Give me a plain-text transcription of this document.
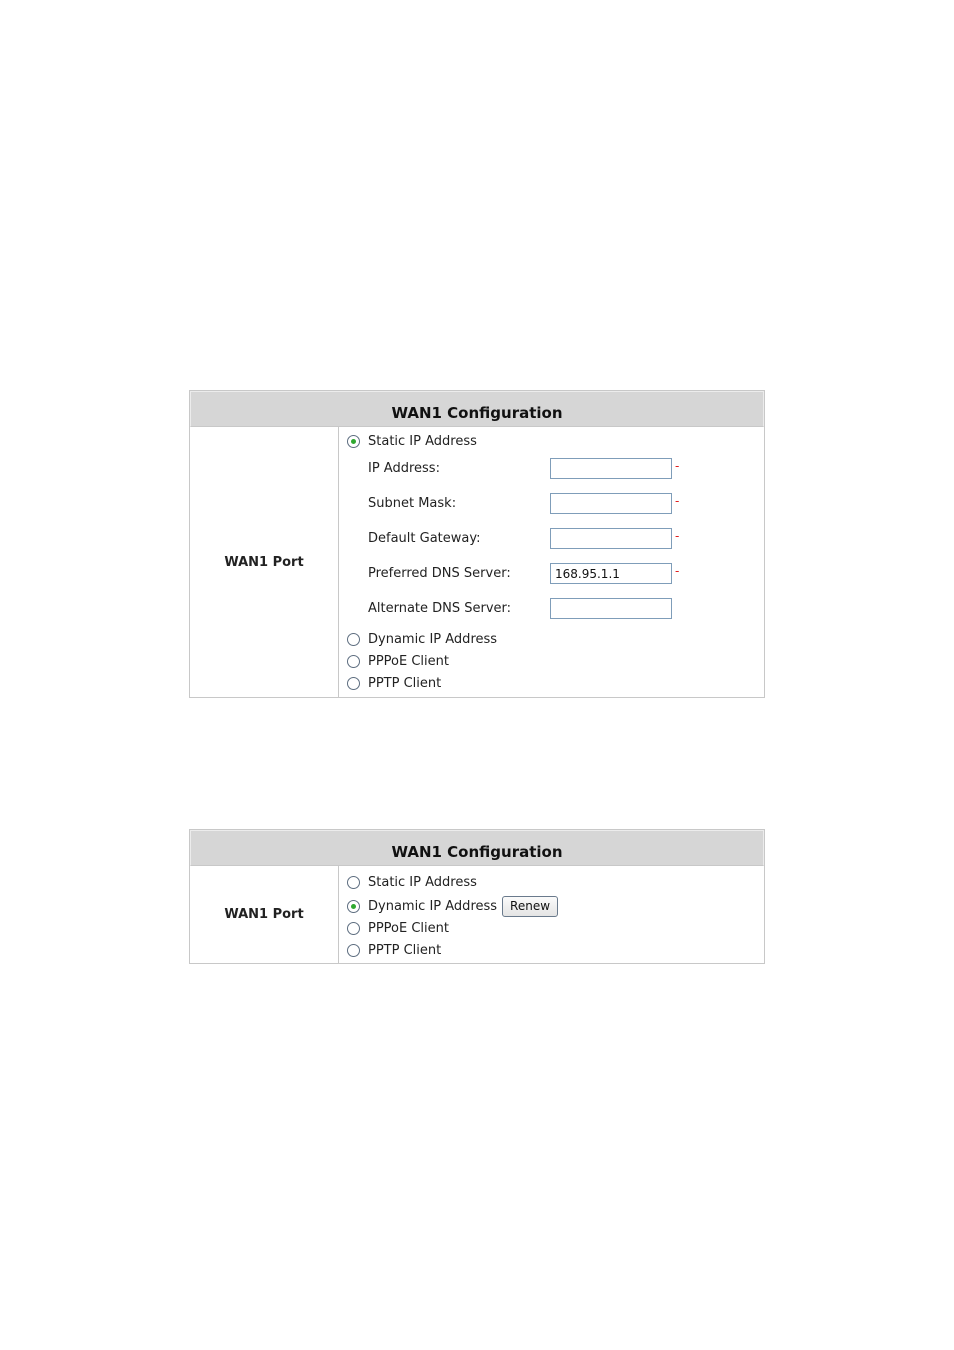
WAN1 Configuration
WAN1 Port
Static IP Address
IP Address:	-
Subnet Mask:	-
Default Gateway:	-
Preferred DNS Server:
168.95.1.1	-
Alternate DNS Server:
Dynamic IP Address
PPPoE Client
PPTP Client
WAN1 Configuration
WAN1 Port
Static IP Address
Dynamic IP Address	Renew
PPPoE Client
PPTP Client
